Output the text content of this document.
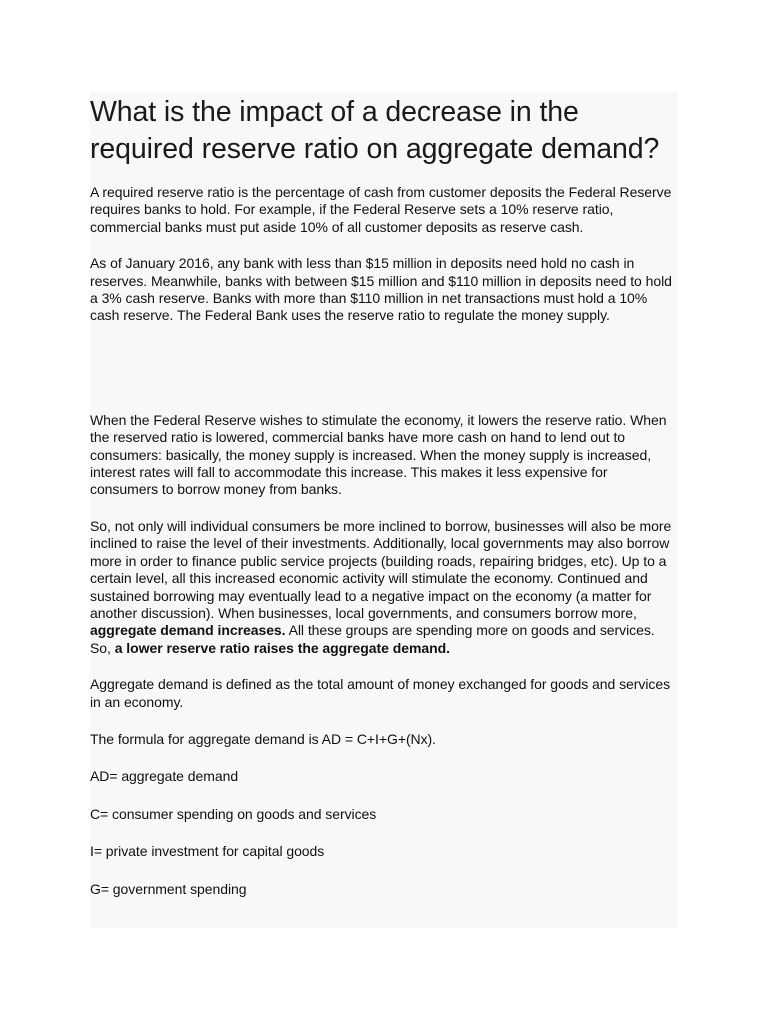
What is the impact of a decrease in the required reserve ratio on aggregate demand?

A required reserve ratio is the percentage of cash from customer deposits the Federal Reserve requires banks to hold. For example, if the Federal Reserve sets a 10% reserve ratio, commercial banks must put aside 10% of all customer deposits as reserve cash.

As of January 2016, any bank with less than $15 million in deposits need hold no cash in reserves. Meanwhile, banks with between $15 million and $110 million in deposits need to hold a 3% cash reserve. Banks with more than $110 million in net transactions must hold a 10% cash reserve. The Federal Bank uses the reserve ratio to regulate the money supply.

When the Federal Reserve wishes to stimulate the economy, it lowers the reserve ratio. When the reserved ratio is lowered, commercial banks have more cash on hand to lend out to consumers: basically, the money supply is increased. When the money supply is increased, interest rates will fall to accommodate this increase. This makes it less expensive for consumers to borrow money from banks.

So, not only will individual consumers be more inclined to borrow, businesses will also be more inclined to raise the level of their investments. Additionally, local governments may also borrow more in order to finance public service projects (building roads, repairing bridges, etc). Up to a certain level, all this increased economic activity will stimulate the economy. Continued and sustained borrowing may eventually lead to a negative impact on the economy (a matter for another discussion). When businesses, local governments, and consumers borrow more, aggregate demand increases. All these groups are spending more on goods and services. So, a lower reserve ratio raises the aggregate demand.

Aggregate demand is defined as the total amount of money exchanged for goods and services in an economy.

The formula for aggregate demand is AD = C+I+G+(Nx).

AD= aggregate demand

C= consumer spending on goods and services

I= private investment for capital goods

G= government spending
